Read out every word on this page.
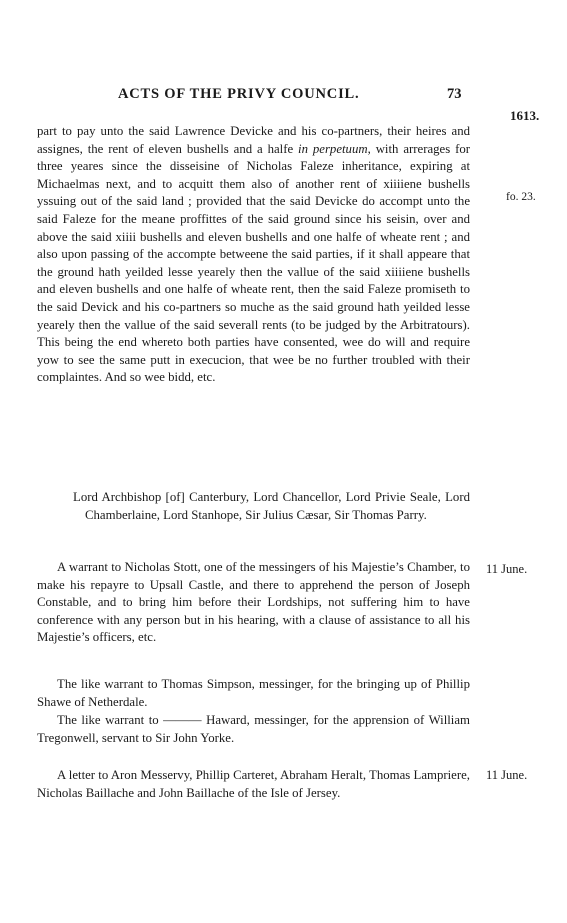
ACTS OF THE PRIVY COUNCIL.	73
1613.
fo. 23.
11 June.
11 June.

part to pay unto the said Lawrence Devicke and his co-partners, their heires and assignes, the rent of eleven bushells and a halfe in perpetuum, with arrerages for three yeares since the disseisine of Nicholas Faleze inheritance, expiring at Michaelmas next, and to acquitt them also of another rent of xiiiiene bushells yssuing out of the said land ; provided that the said Devicke do accompt unto the said Faleze for the meane proffittes of the said ground since his seisin, over and above the said xiiii bushells and eleven bushells and one halfe of wheate rent ; and also upon passing of the accompte betweene the said parties, if it shall appeare that the ground hath yeilded lesse yearely then the vallue of the said xiiiiene bushells and eleven bushells and one halfe of wheate rent, then the said Faleze promiseth to the said Devick and his co-partners so muche as the said ground hath yeilded lesse yearely then the vallue of the said severall rents (to be judged by the Arbitratours). This being the end whereto both parties have consented, wee do will and require yow to see the same putt in execucion, that wee be no further troubled with their complaintes. And so wee bidd, etc.

Lord Archbishop [of] Canterbury, Lord Chancellor, Lord Privie Seale, Lord Chamberlaine, Lord Stanhope, Sir Julius Cæsar, Sir Thomas Parry.

A warrant to Nicholas Stott, one of the messingers of his Majestie’s Chamber, to make his repayre to Upsall Castle, and there to apprehend the person of Joseph Constable, and to bring him before their Lordships, not suffering him to have conference with any person but in his hearing, with a clause of assistance to all his Majestie’s officers, etc.

The like warrant to Thomas Simpson, messinger, for the bringing up of Phillip Shawe of Netherdale.

The like warrant to ——— Haward, messinger, for the apprension of William Tregonwell, servant to Sir John Yorke.

A letter to Aron Messervy, Phillip Carteret, Abraham Heralt, Thomas Lampriere, Nicholas Baillache and John Baillache of the Isle of Jersey.
